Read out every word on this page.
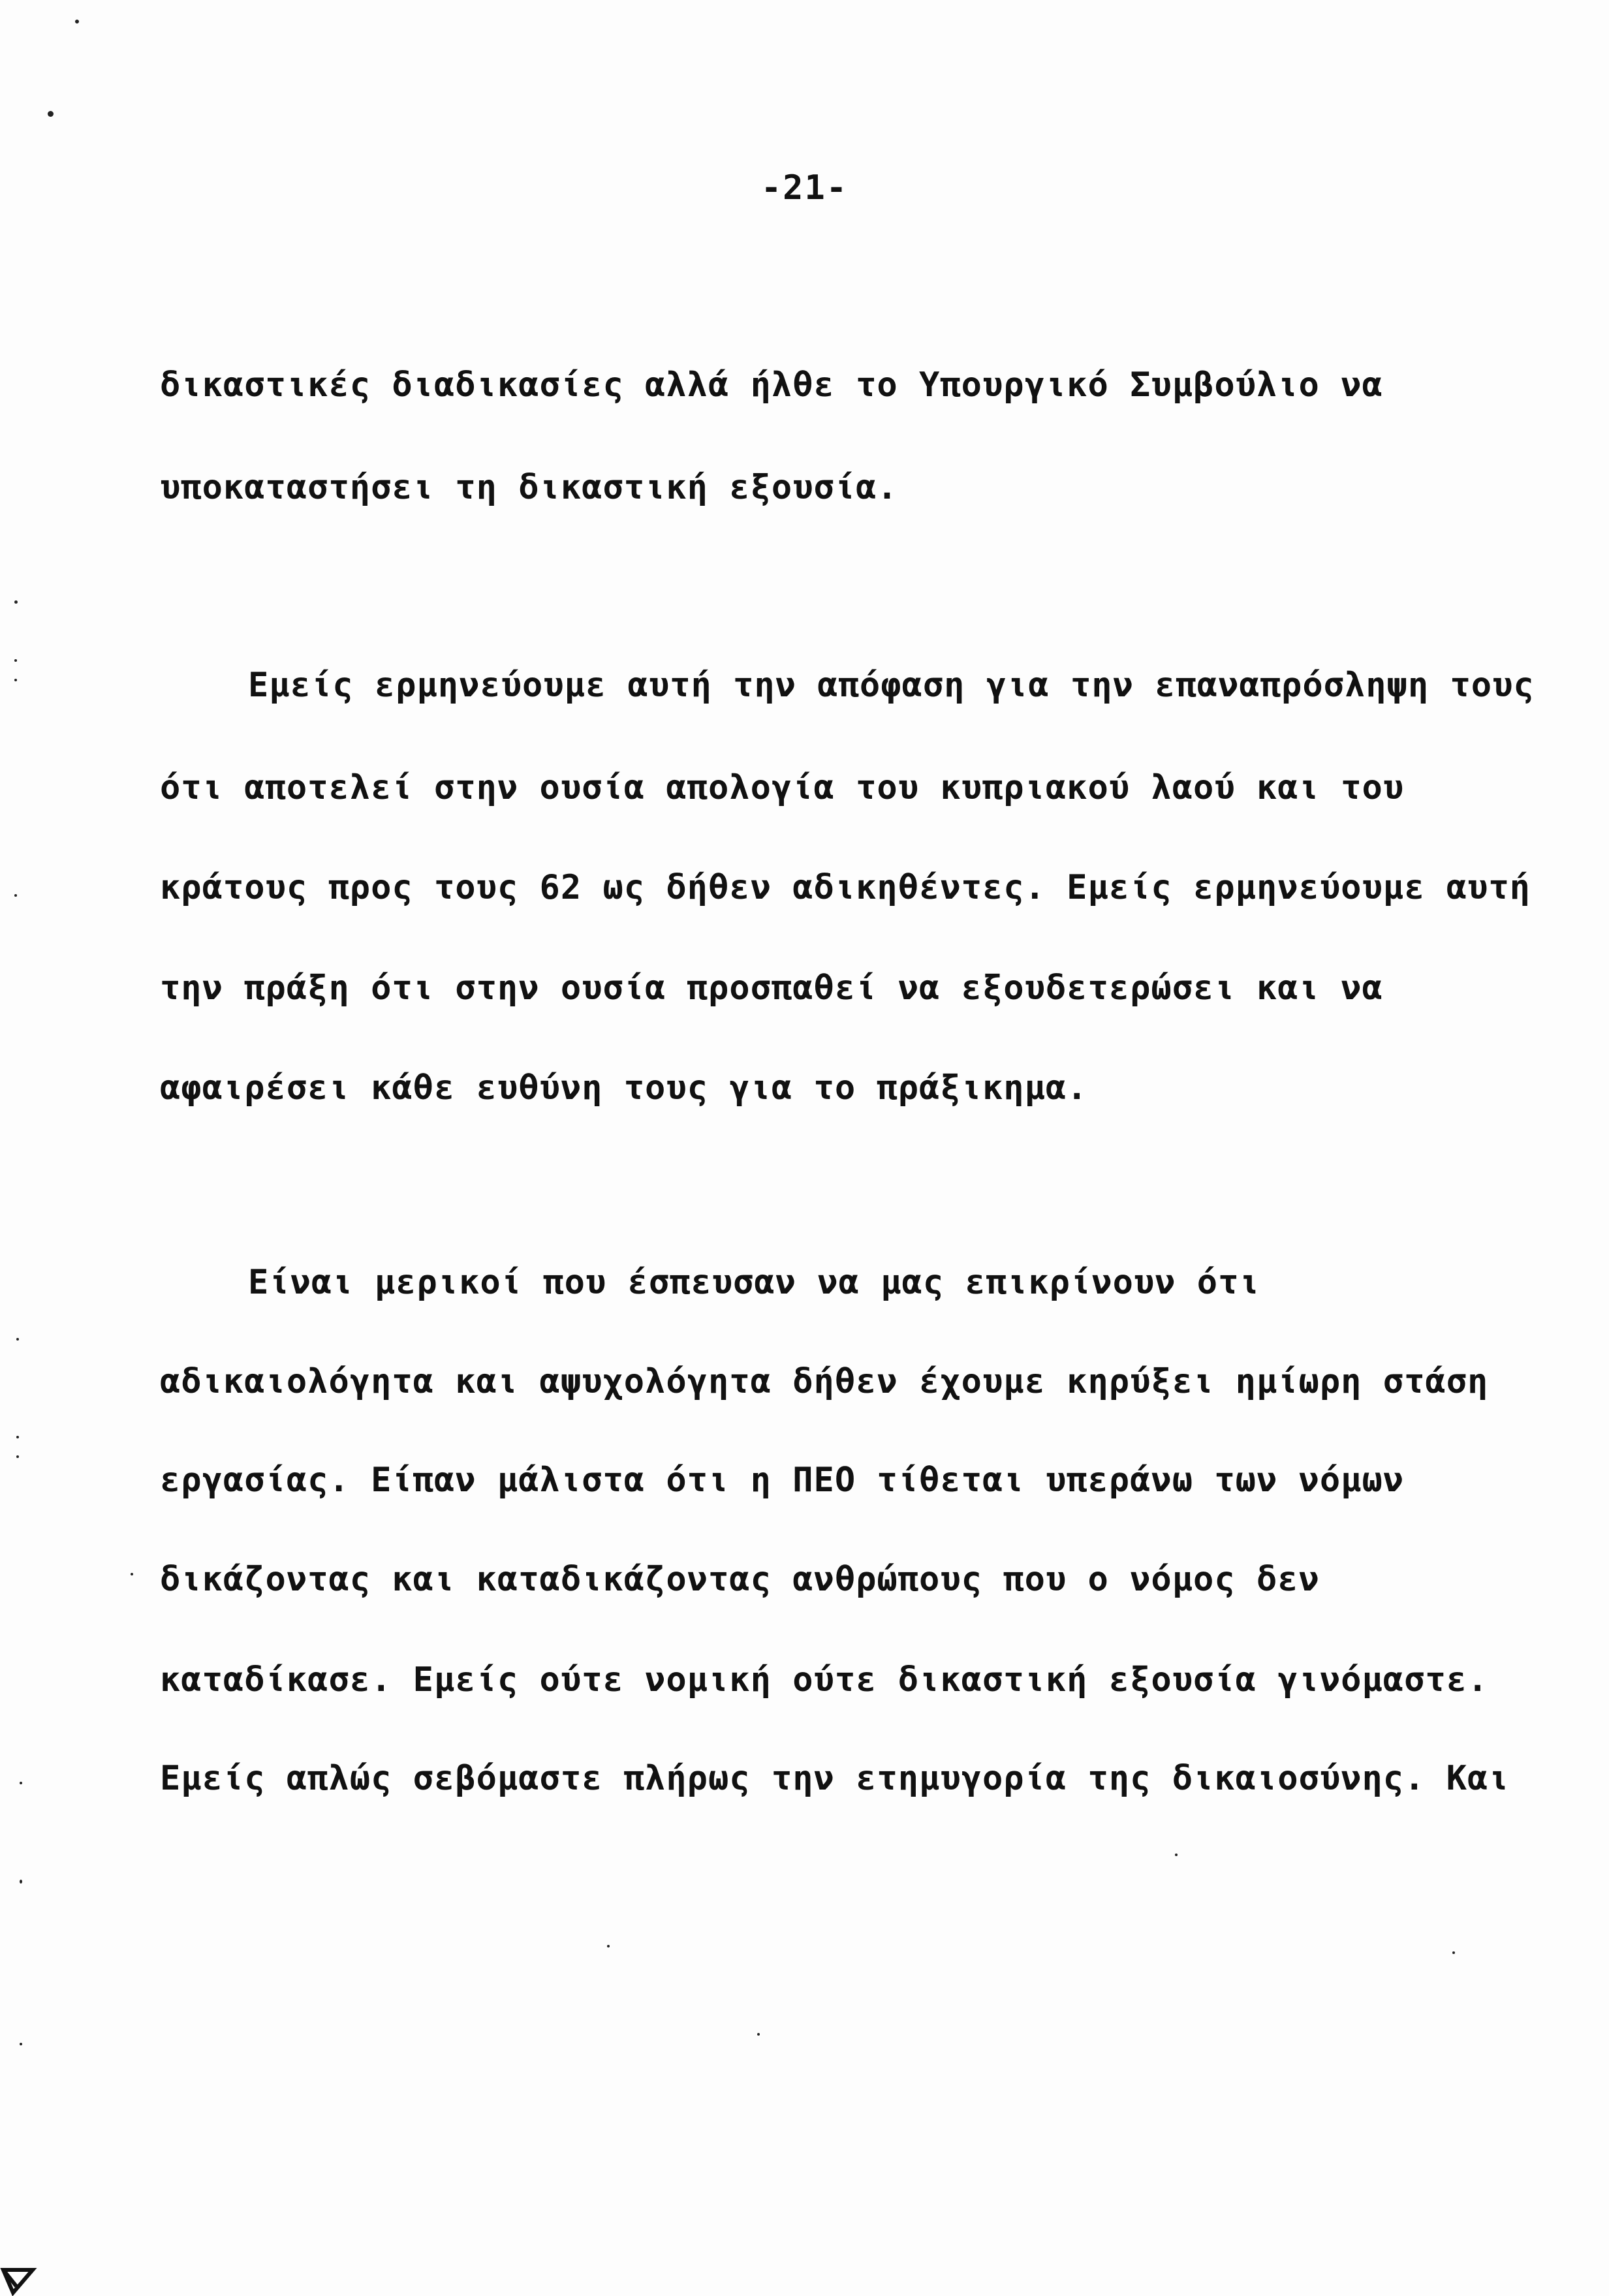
-21-
δικαστικές διαδικασίες αλλά ήλθε το Υπουργικό Συμβούλιο να
υποκαταστήσει τη δικαστική εξουσία.
Εμείς ερμηνεύουμε αυτή την απόφαση για την επαναπρόσληψη τους
ότι αποτελεί στην ουσία απολογία του κυπριακού λαού και του
κράτους προς τους 62 ως δήθεν αδικηθέντες. Εμείς ερμηνεύουμε αυτή
την πράξη ότι στην ουσία προσπαθεί να εξουδετερώσει και να
αφαιρέσει κάθε ευθύνη τους για το πράξικημα.
Είναι μερικοί που έσπευσαν να μας επικρίνουν ότι
αδικαιολόγητα και αψυχολόγητα δήθεν έχουμε κηρύξει ημίωρη στάση
εργασίας. Είπαν μάλιστα ότι η ΠΕΟ τίθεται υπεράνω των νόμων
δικάζοντας και καταδικάζοντας ανθρώπους που ο νόμος δεν
καταδίκασε. Εμείς ούτε νομική ούτε δικαστική εξουσία γινόμαστε.
Εμείς απλώς σεβόμαστε πλήρως την ετημυγορία της δικαιοσύνης. Και
